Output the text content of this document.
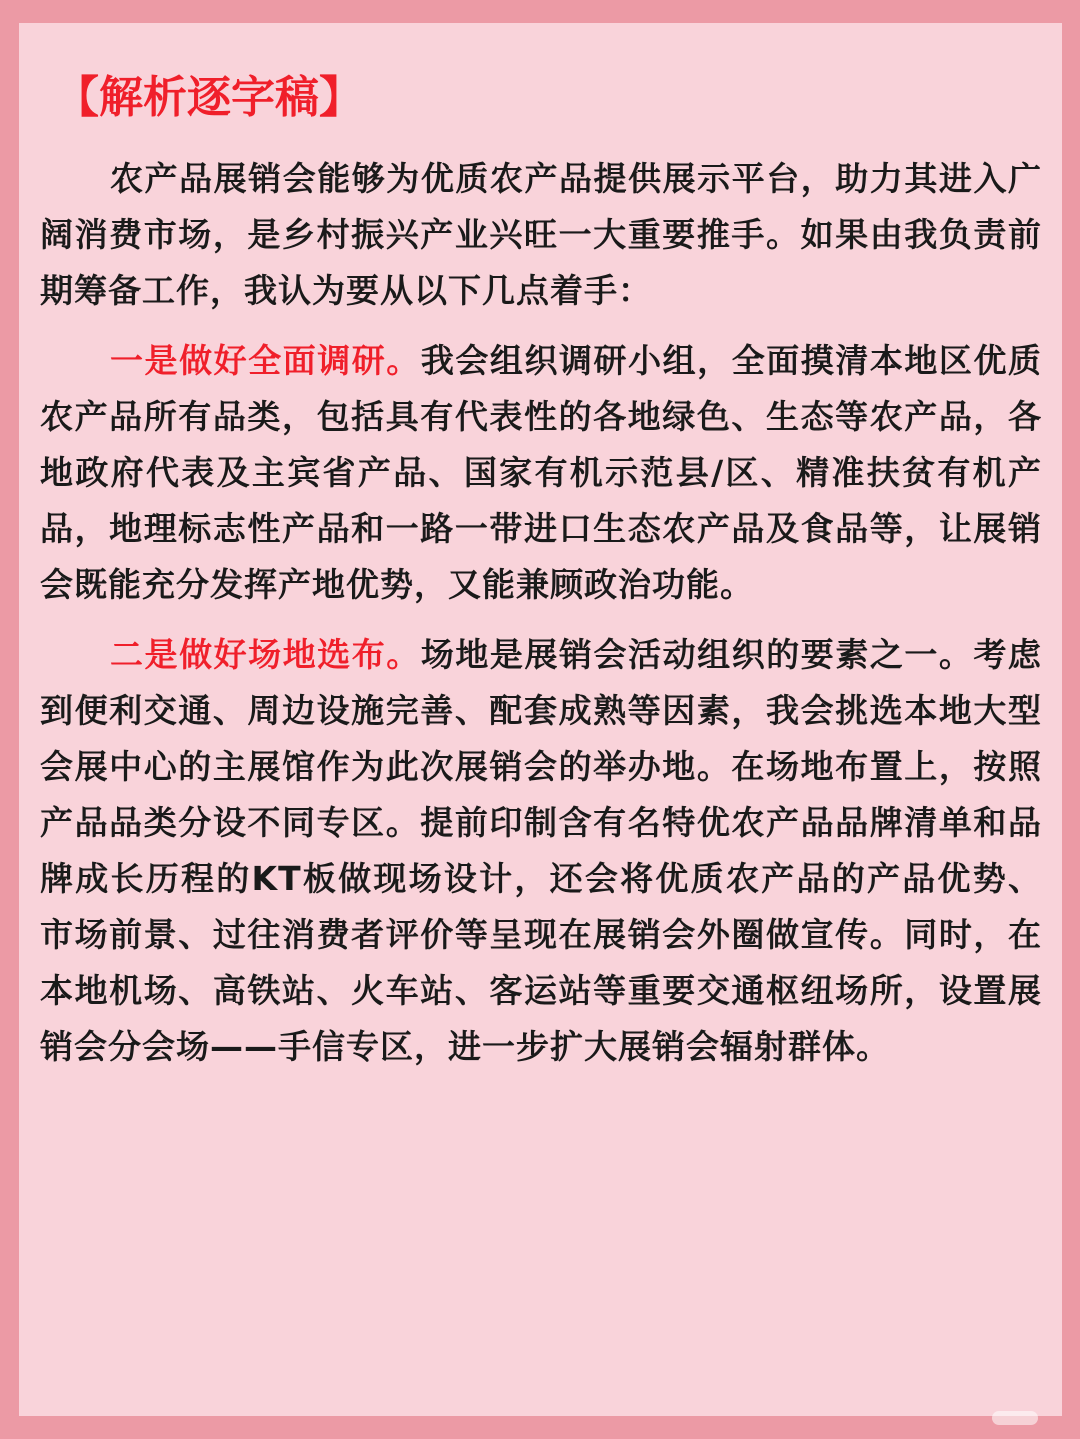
【解析逐字稿】

农产品展销会能够为优质农产品提供展示平台，助力其进入广阔消费市场，是乡村振兴产业兴旺一大重要推手。如果由我负责前期筹备工作，我认为要从以下几点着手：

一是做好全面调研。我会组织调研小组，全面摸清本地区优质农产品所有品类，包括具有代表性的各地绿色、生态等农产品，各地政府代表及主宾省产品、国家有机示范县/区、精准扶贫有机产品，地理标志性产品和一路一带进口生态农产品及食品等，让展销会既能充分发挥产地优势，又能兼顾政治功能。

二是做好场地选布。场地是展销会活动组织的要素之一。考虑到便利交通、周边设施完善、配套成熟等因素，我会挑选本地大型会展中心的主展馆作为此次展销会的举办地。在场地布置上，按照产品品类分设不同专区。提前印制含有名特优农产品品牌清单和品牌成长历程的KT板做现场设计，还会将优质农产品的产品优势、市场前景、过往消费者评价等呈现在展销会外圈做宣传。同时，在本地机场、高铁站、火车站、客运站等重要交通枢纽场所，设置展销会分会场——手信专区，进一步扩大展销会辐射群体。
